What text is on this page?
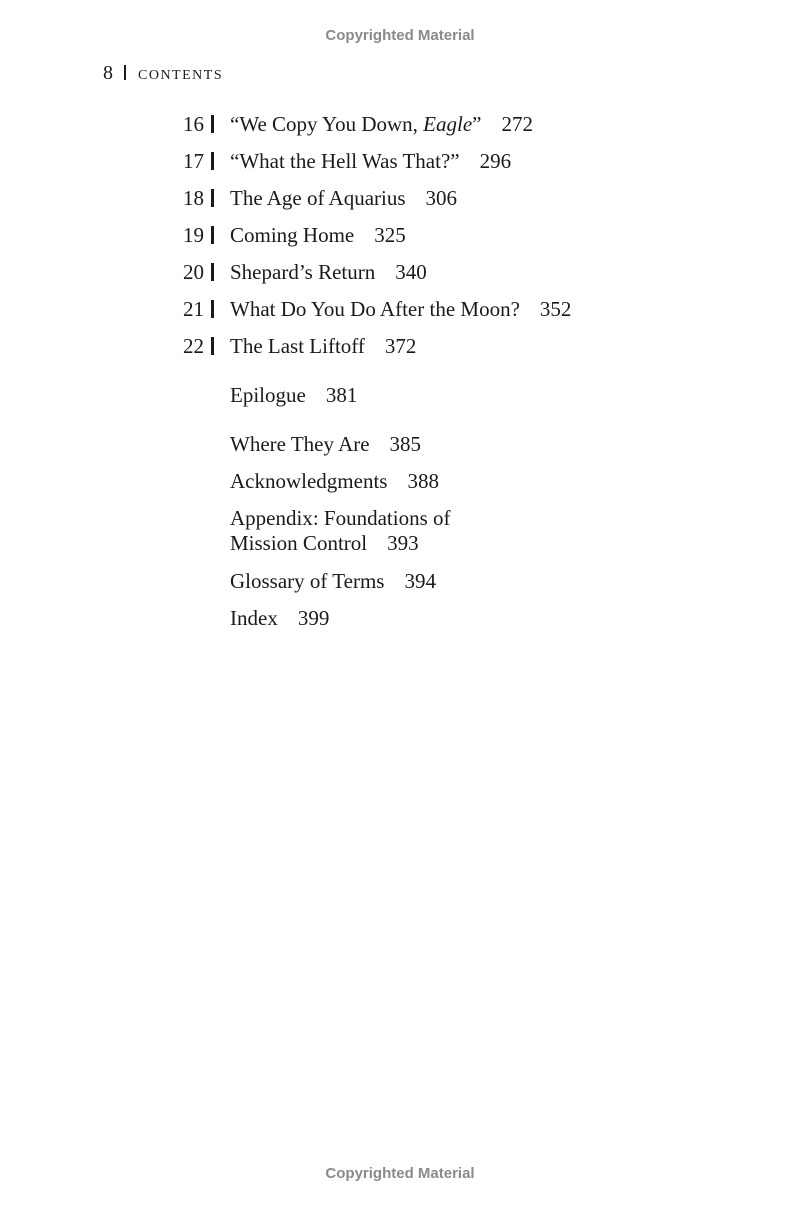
Copyrighted Material
8 contents
16 “We Copy You Down, Eagle” 272
17 “What the Hell Was That?” 296
18 The Age of Aquarius 306
19 Coming Home 325
20 Shepard’s Return 340
21 What Do You Do After the Moon? 352
22 The Last Liftoff 372
Epilogue 381
Where They Are 385
Acknowledgments 388
Appendix: Foundations of
Mission Control 393
Glossary of Terms 394
Index 399
Copyrighted Material
